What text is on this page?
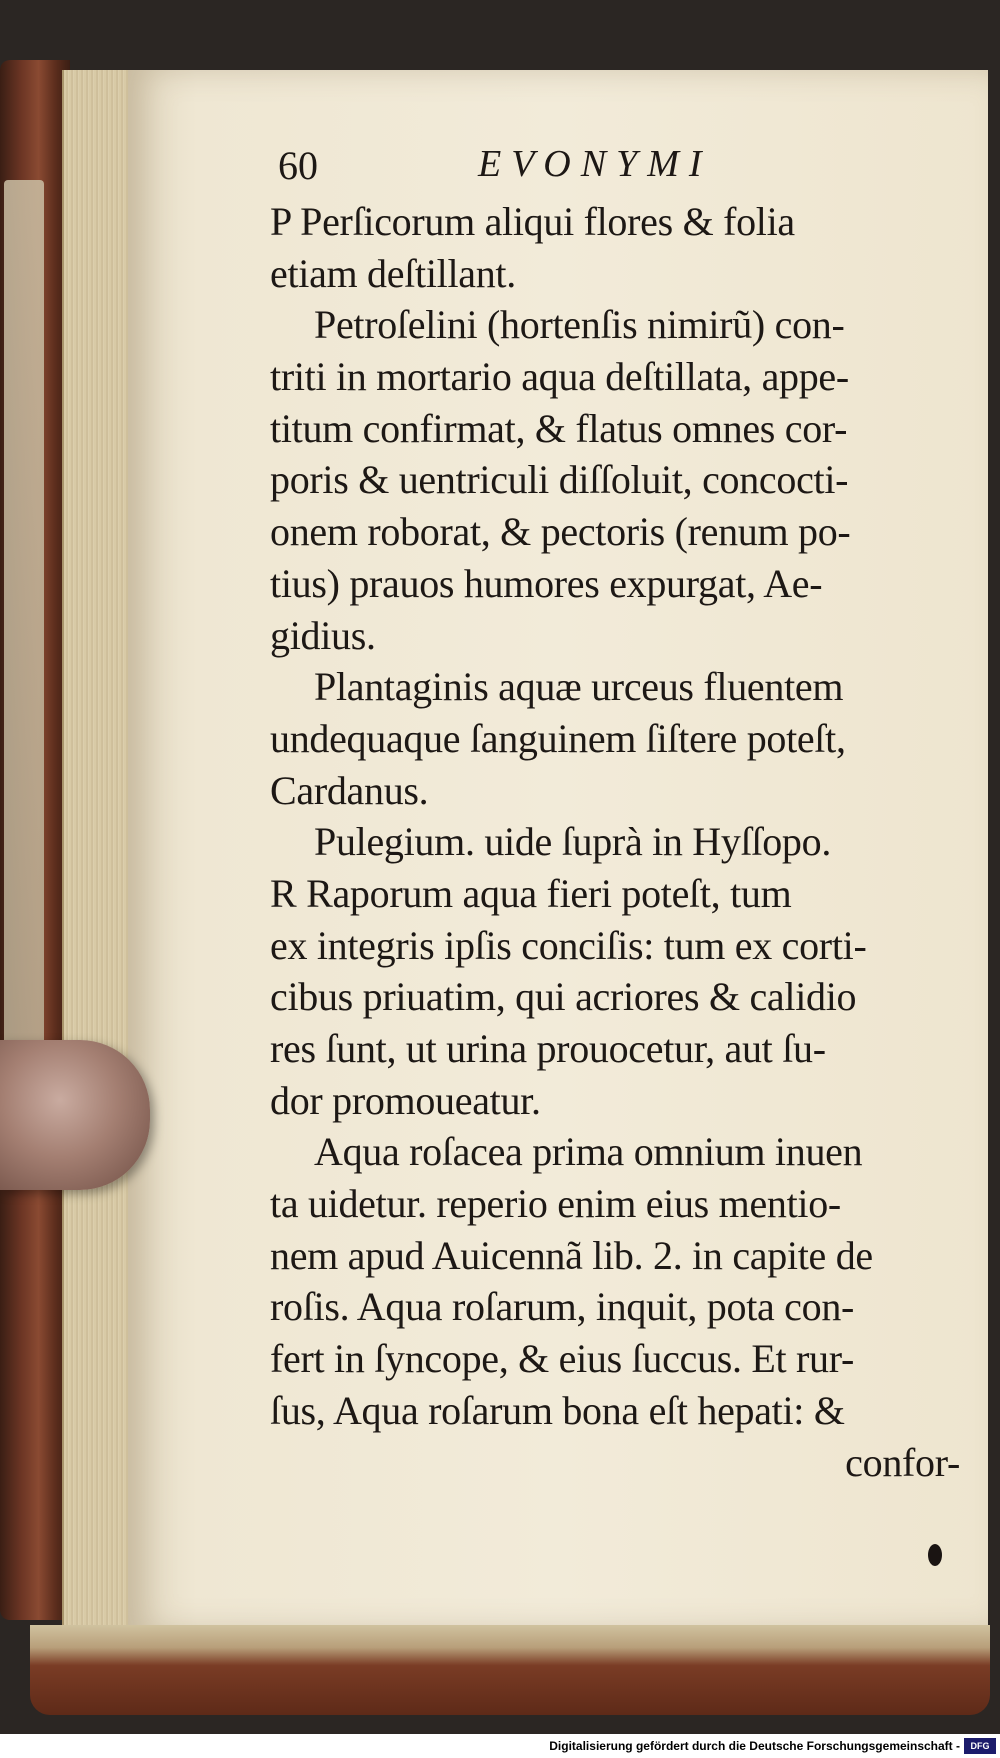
60	EVONYMI
P Perſicorum aliqui flores & folia
etiam deſtillant.
Petroſelini (hortenſis nimirũ) con-
triti in mortario aqua deſtillata, appe-
titum confirmat, & flatus omnes cor-
poris & uentriculi diſſoluit, concocti-
onem roborat, & pectoris (renum po-
tius) prauos humores expurgat, Ae-
gidius.
Plantaginis aquæ urceus fluentem
undequaque ſanguinem ſiſtere poteſt,
Cardanus.
Pulegium. uide ſuprà in Hyſſopo.
R Raporum aqua fieri poteſt, tum
ex integris ipſis conciſis: tum ex corti-
cibus priuatim, qui acriores & calidio
res ſunt, ut urina prouocetur, aut ſu-
dor promoueatur.
Aqua roſacea prima omnium inuen
ta uidetur. reperio enim eius mentio-
nem apud Auicennã lib. 2. in capite de
roſis. Aqua roſarum, inquit, pota con-
fert in ſyncope, & eius ſuccus. Et rur-
ſus, Aqua roſarum bona eſt hepati: &
confor-
Digitalisierung gefördert durch die Deutsche Forschungsgemeinschaft -	DFG
